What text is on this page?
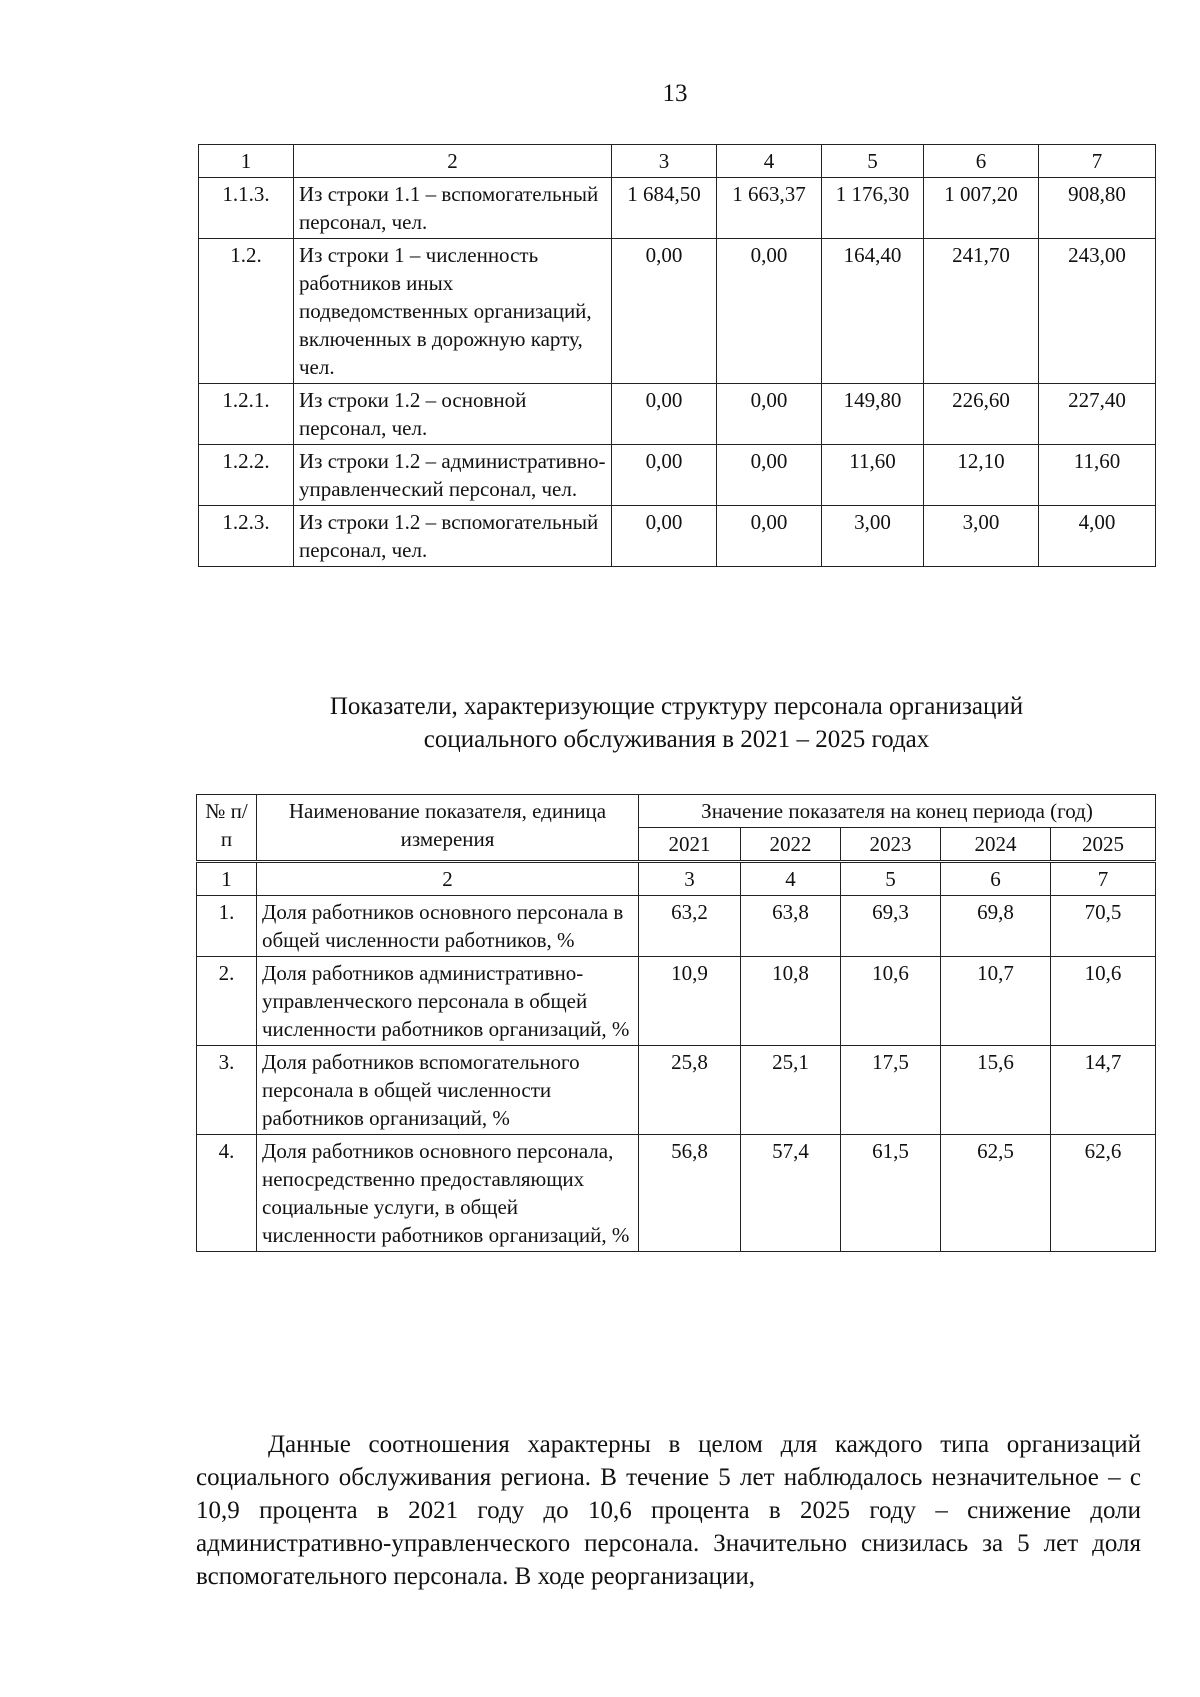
13
1	2	3	4	5	6	7
1.1.3.	Из строки 1.1 – вспомогательный персонал, чел.	1 684,50	1 663,37	1 176,30	1 007,20	908,80
1.2.	Из строки 1 – численность работников иных подведомственных организаций, включенных в дорожную карту, чел.	0,00	0,00	164,40	241,70	243,00
1.2.1.	Из строки 1.2 – основной персонал, чел.	0,00	0,00	149,80	226,60	227,40
1.2.2.	Из строки 1.2 – административно-управленческий персонал, чел.	0,00	0,00	11,60	12,10	11,60
1.2.3.	Из строки 1.2 – вспомогательный персонал, чел.	0,00	0,00	3,00	3,00	4,00
Показатели, характеризующие структуру персонала организаций
социального обслуживания в 2021 – 2025 годах
№ п/п	Наименование показателя, единица измерения	Значение показателя на конец периода (год)				
		2021	2022	2023	2024	2025
1	2	3	4	5	6	7
1.	Доля работников основного персонала в общей численности работников, %	63,2	63,8	69,3	69,8	70,5
2.	Доля работников административно-управленческого персонала в общей численности работников организаций, %	10,9	10,8	10,6	10,7	10,6
3.	Доля работников вспомогательного персонала в общей численности работников организаций, %	25,8	25,1	17,5	15,6	14,7
4.	Доля работников основного персонала, непосредственно предоставляющих социальные услуги, в общей численности работников организаций, %	56,8	57,4	61,5	62,5	62,6
Данные соотношения характерны в целом для каждого типа организаций социального обслуживания региона. В течение 5 лет наблюдалось незначительное – с 10,9 процента в 2021 году до 10,6 процента в 2025 году – снижение доли административно-управленческого персонала. Значительно снизилась за 5 лет доля вспомогательного персонала. В ходе реорганизации,
